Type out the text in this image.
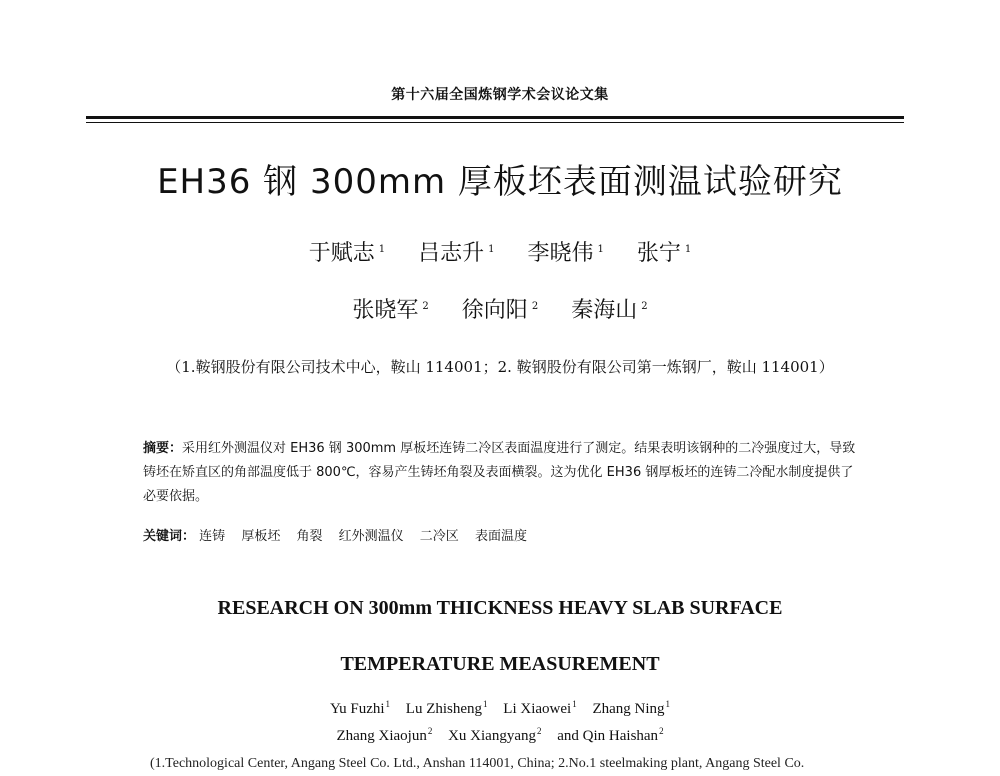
第十六届全国炼钢学术会议论文集
EH36 钢 300mm 厚板坯表面测温试验研究
于赋志 $^1$ 吕志升 $^1$ 李晓伟 $^1$ 张宁 $^1$
张晓军 $^2$ 徐向阳 $^2$ 秦海山 $^2$
（1.鞍钢股份有限公司技术中心，鞍山 114001；2. 鞍钢股份有限公司第一炼钢厂，鞍山 114001）
摘要：采用红外测温仪对 EH36 钢 300mm 厚板坯连铸二冷区表面温度进行了测定。结果表明该钢种的二冷强度过大，导致铸坯在矫直区的角部温度低于 800℃，容易产生铸坯角裂及表面横裂。这为优化 EH36 钢厚板坯的连铸二冷配水制度提供了必要依据。
关键词： 连铸 厚板坯 角裂 红外测温仪 二冷区 表面温度
RESEARCH ON 300mm THICKNESS HEAVY SLAB SURFACE
TEMPERATURE MEASUREMENT
Yu Fuzhi$^1$ Lu Zhisheng$^1$ Li Xiaowei$^1$ Zhang Ning$^1$
Zhang Xiaojun$^2$ Xu Xiangyang$^2$ and Qin Haishan$^2$
(1.Technological Center, Angang Steel Co. Ltd., Anshan 114001, China; 2.No.1 steelmaking plant, Angang Steel Co.
